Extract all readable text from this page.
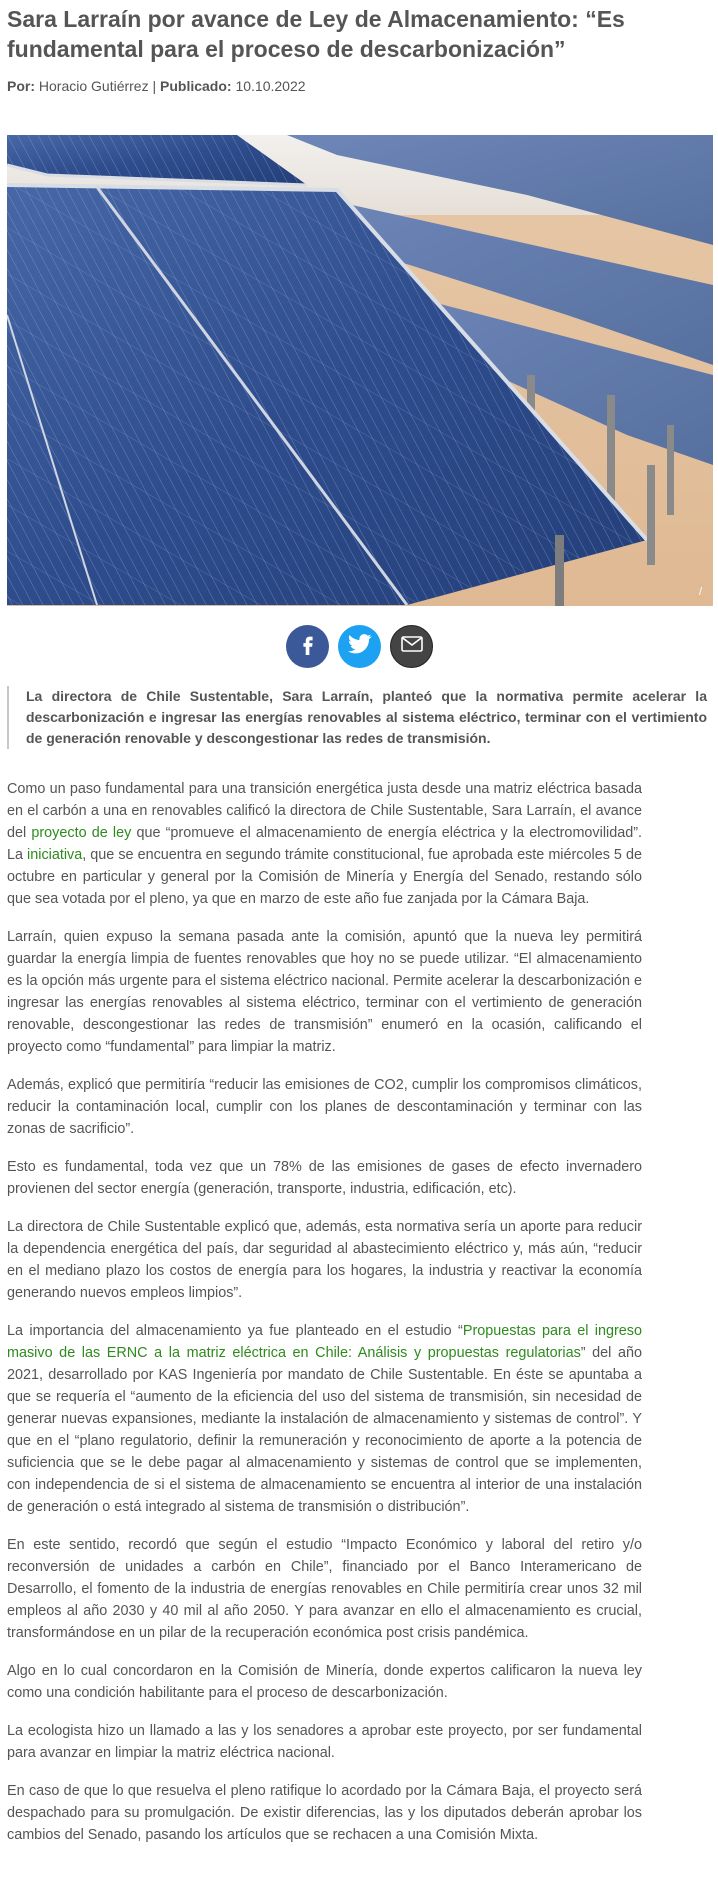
Sara Larraín por avance de Ley de Almacenamiento: “Es fundamental para el proceso de descarbonización”

Por: Horacio Gutiérrez | Publicado: 10.10.2022

/

La directora de Chile Sustentable, Sara Larraín, planteó que la normativa permite acelerar la descarbonización e ingresar las energías renovables al sistema eléctrico, terminar con el vertimiento de generación renovable y descongestionar las redes de transmisión.

Como un paso fundamental para una transición energética justa desde una matriz eléctrica basada en el carbón a una en renovables calificó la directora de Chile Sustentable, Sara Larraín, el avance del proyecto de ley que “promueve el almacenamiento de energía eléctrica y la electromovilidad”. La iniciativa, que se encuentra en segundo trámite constitucional, fue aprobada este miércoles 5 de octubre en particular y general por la Comisión de Minería y Energía del Senado, restando sólo que sea votada por el pleno, ya que en marzo de este año fue zanjada por la Cámara Baja.

Larraín, quien expuso la semana pasada ante la comisión, apuntó que la nueva ley permitirá guardar la energía limpia de fuentes renovables que hoy no se puede utilizar. “El almacenamiento es la opción más urgente para el sistema eléctrico nacional. Permite acelerar la descarbonización e ingresar las energías renovables al sistema eléctrico, terminar con el vertimiento de generación renovable, descongestionar las redes de transmisión” enumeró en la ocasión, calificando el proyecto como “fundamental” para limpiar la matriz.

Además, explicó que permitiría “reducir las emisiones de CO2, cumplir los compromisos climáticos, reducir la contaminación local, cumplir con los planes de descontaminación y terminar con las zonas de sacrificio”.

Esto es fundamental, toda vez que un 78% de las emisiones de gases de efecto invernadero provienen del sector energía (generación, transporte, industria, edificación, etc).

La directora de Chile Sustentable explicó que, además, esta normativa sería un aporte para reducir la dependencia energética del país, dar seguridad al abastecimiento eléctrico y, más aún, “reducir en el mediano plazo los costos de energía para los hogares, la industria y reactivar la economía generando nuevos empleos limpios”.

La importancia del almacenamiento ya fue planteado en el estudio “Propuestas para el ingreso masivo de las ERNC a la matriz eléctrica en Chile: Análisis y propuestas regulatorias” del año 2021, desarrollado por KAS Ingeniería por mandato de Chile Sustentable. En éste se apuntaba a que se requería el “aumento de la eficiencia del uso del sistema de transmisión, sin necesidad de generar nuevas expansiones, mediante la instalación de almacenamiento y sistemas de control”. Y que en el “plano regulatorio, definir la remuneración y reconocimiento de aporte a la potencia de suficiencia que se le debe pagar al almacenamiento y sistemas de control que se implementen, con independencia de si el sistema de almacenamiento se encuentra al interior de una instalación de generación o está integrado al sistema de transmisión o distribución”.

En este sentido, recordó que según el estudio “Impacto Económico y laboral del retiro y/o reconversión de unidades a carbón en Chile”, financiado por el Banco Interamericano de Desarrollo, el fomento de la industria de energías renovables en Chile permitiría crear unos 32 mil empleos al año 2030 y 40 mil al año 2050. Y para avanzar en ello el almacenamiento es crucial, transformándose en un pilar de la recuperación económica post crisis pandémica.

Algo en lo cual concordaron en la Comisión de Minería, donde expertos calificaron la nueva ley como una condición habilitante para el proceso de descarbonización.

La ecologista hizo un llamado a las y los senadores a aprobar este proyecto, por ser fundamental para avanzar en limpiar la matriz eléctrica nacional.

En caso de que lo que resuelva el pleno ratifique lo acordado por la Cámara Baja, el proyecto será despachado para su promulgación. De existir diferencias, las y los diputados deberán aprobar los cambios del Senado, pasando los artículos que se rechacen a una Comisión Mixta.
